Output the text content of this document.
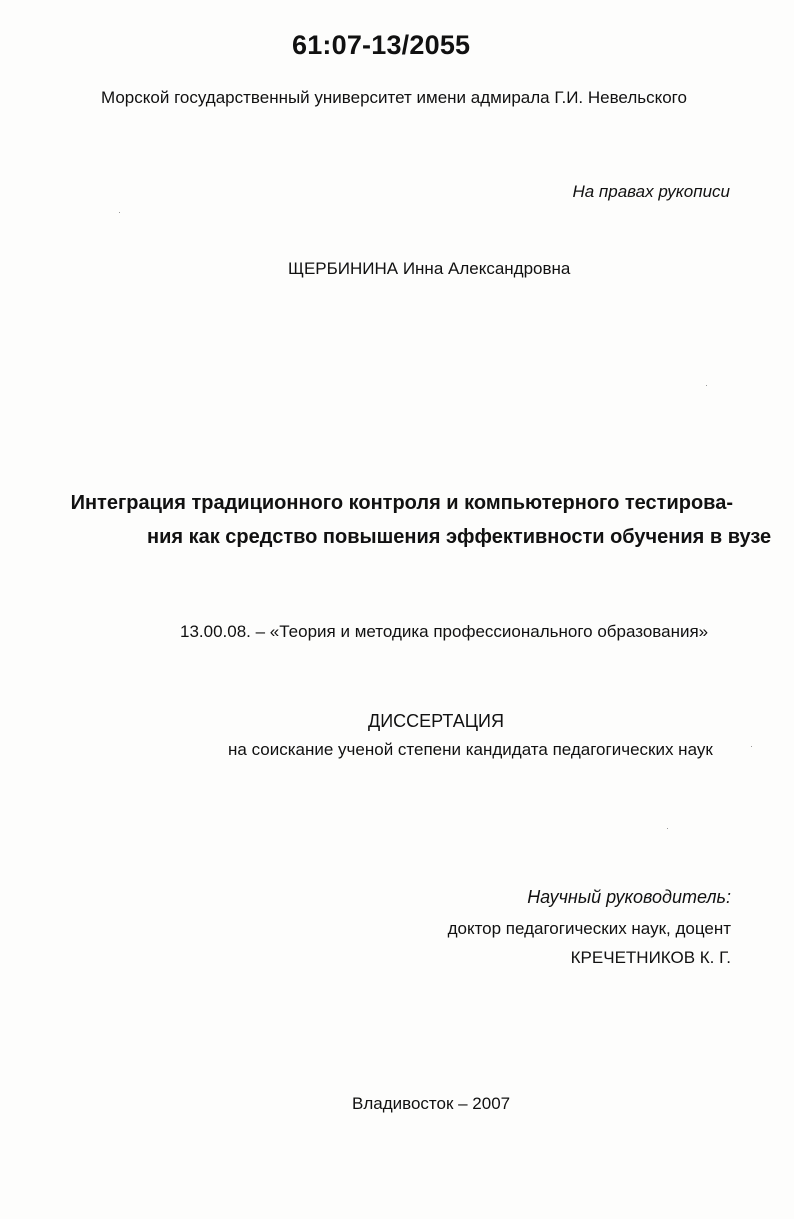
61:07-13/2055
Морской государственный университет имени адмирала Г.И. Невельского
На правах рукописи
ЩЕРБИНИНА Инна Александровна
Интеграция традиционного контроля и компьютерного тестирова-
ния как средство повышения эффективности обучения в вузе
13.00.08. – «Теория и методика профессионального образования»
ДИССЕРТАЦИЯ
на соискание ученой степени кандидата педагогических наук
Научный руководитель:
доктор педагогических наук, доцент
КРЕЧЕТНИКОВ К. Г.
Владивосток – 2007
